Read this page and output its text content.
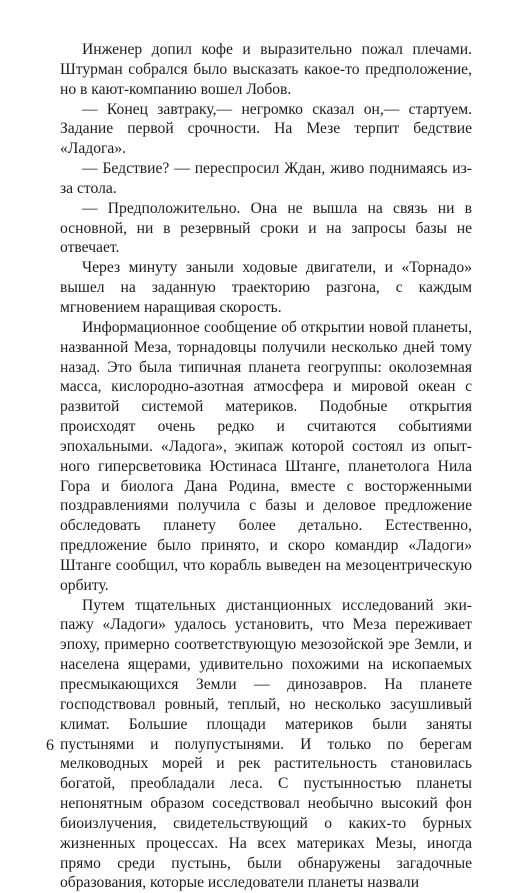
Инженер допил кофе и выразительно пожал плечами. Штурман собрался было высказать какое-то предположение, но в кают-компанию вошел Лобов.

— Конец завтраку,— негромко сказал он,— стартуем. Задание первой срочности. На Мезе терпит бедствие «Ладога».

— Бедствие? — переспросил Ждан, живо поднимаясь из-за стола.

— Предположительно. Она не вышла на связь ни в основной, ни в резервный сроки и на запросы базы не отвечает.

Через минуту заныли ходовые двигатели, и «Торнадо» вышел на заданную траекторию разгона, с каждым мгновением наращивая скорость.

Информационное сообщение об открытии новой планеты, названной Меза, торнадовцы получили несколько дней тому назад. Это была типичная планета геогруппы: околоземная масса, кислородно-азотная атмосфера и мировой океан с развитой системой материков. Подобные открытия происходят очень редко и считаются событиями эпохальными. «Ладога», экипаж которой состоял из опытного гиперсветовика Юстинаса Штанге, планетолога Нила Гора и биолога Дана Родина, вместе с восторженными поздравлениями получила с базы и деловое предложение обследовать планету более детально. Естественно, предложение было принято, и скоро командир «Ладоги» Штанге сообщил, что корабль выведен на мезоцентрическую орбиту.

Путем тщательных дистанционных исследований экипажу «Ладоги» удалось установить, что Меза переживает эпоху, примерно соответствующую мезозойской эре Земли, и населена ящерами, удивительно похожими на ископаемых пресмыкающихся Земли — динозавров. На планете господствовал ровный, теплый, но несколько засушливый климат. Большие площади материков были заняты пустынями и полупустынями. И только по берегам мелководных морей и рек растительность становилась богатой, преобладали леса. С пустынностью планеты непонятным образом соседствовал необычно высокий фон биоизлучения, свидетельствующий о каких-то бурных жизненных процессах. На всех материках Мезы, иногда прямо среди пустынь, были обнаружены загадочные образования, которые исследователи планеты назвали

6
